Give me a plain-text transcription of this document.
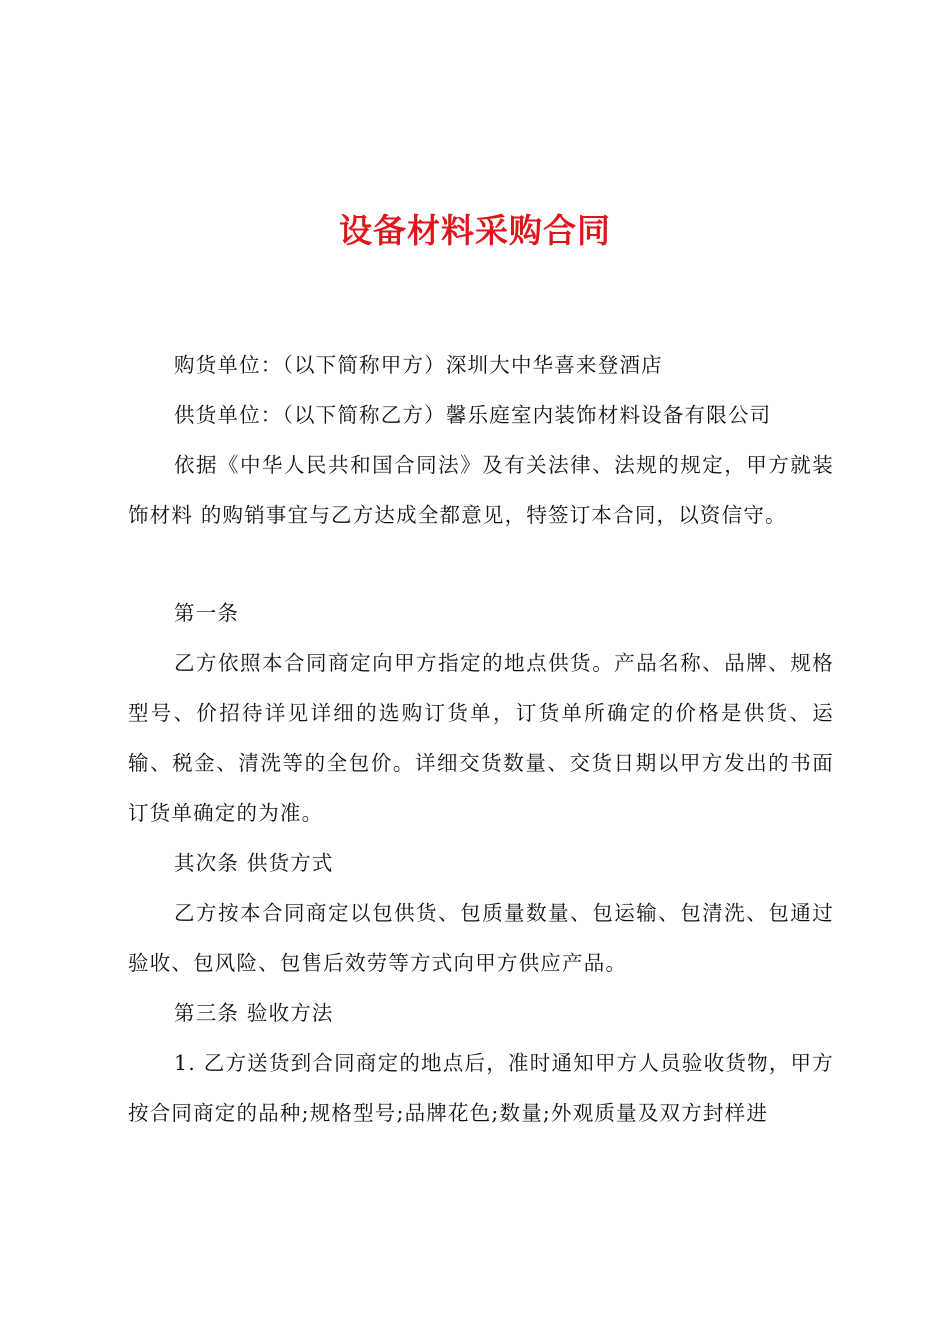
设备材料采购合同

购货单位：（以下简称甲方）深圳大中华喜来登酒店

供货单位：（以下简称乙方）馨乐庭室内装饰材料设备有限公司

依据《中华人民共和国合同法》及有关法律、法规的规定，甲方就装饰材料 的购销事宜与乙方达成全都意见，特签订本合同，以资信守。

第一条

乙方依照本合同商定向甲方指定的地点供货。产品名称、品牌、规格型号、价招待详见详细的选购订货单，订货单所确定的价格是供货、运输、税金、清洗等的全包价。详细交货数量、交货日期以甲方发出的书面订货单确定的为准。

其次条 供货方式

乙方按本合同商定以包供货、包质量数量、包运输、包清洗、包通过验收、包风险、包售后效劳等方式向甲方供应产品。

第三条 验收方法

1. 乙方送货到合同商定的地点后，准时通知甲方人员验收货物，甲方按合同商定的品种;规格型号;品牌花色;数量;外观质量及双方封样进
